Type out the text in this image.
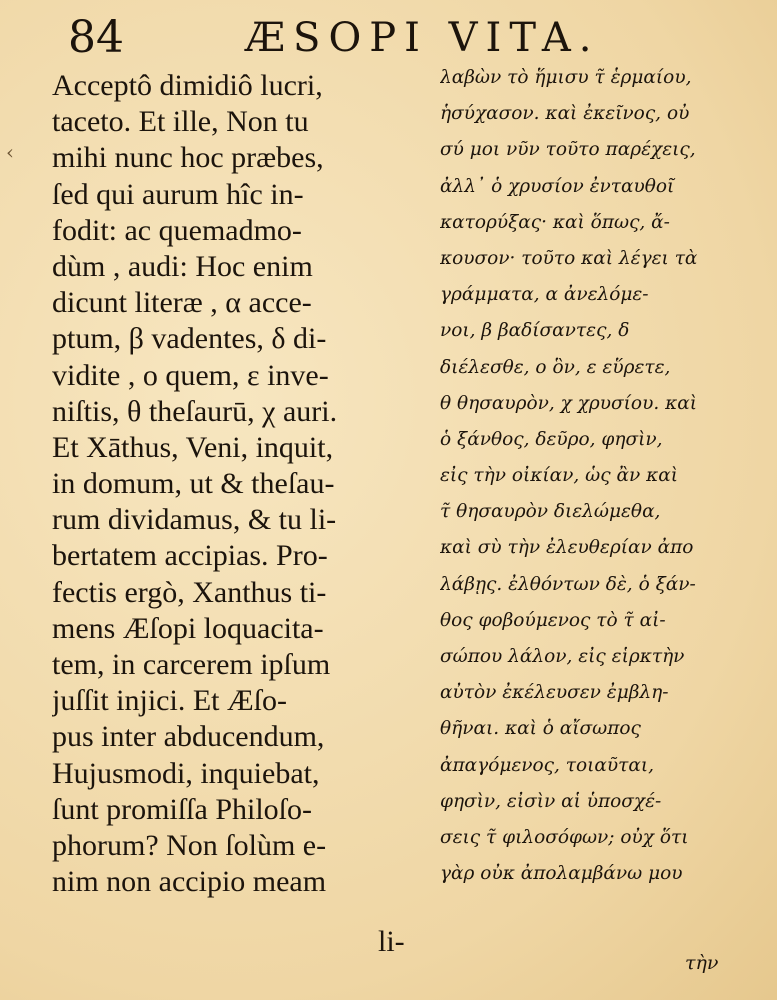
84	ÆSOPI VITA.
‹
Acceptô dimidiô lucri,
taceto. Et ille, Non tu
mihi nunc hoc præbes,
ſed qui aurum hîc in-
fodit: ac quemadmo-
dùm , audi: Hoc enim
dicunt literæ , α acce-
ptum, β vadentes, δ di-
vidite , ο quem, ε inve-
niſtis, θ theſaurū, χ auri.
Et Xāthus, Veni, inquit,
in domum, ut & theſau-
rum dividamus, & tu li-
bertatem accipias. Pro-
fectis ergò, Xanthus ti-
mens Æſopi loquacita-
tem, in carcerem ipſum
juſſit injici. Et Æſo-
pus inter abducendum,
Hujusmodi, inquiebat,
ſunt promiſſa Philoſo-
phorum? Non ſolùm e-
nim non accipio meam
λαβὼν τὸ ἥμισυ τ̃ ἑρμαίου,
ἡσύχασον. καὶ ἐκεῖνος, οὐ
σύ μοι νῦν τοῦτο παρέχεις,
ἀλλ᾽ ὁ χρυσίον ἐνταυθοῖ
κατορύξας· καὶ ὅπως, ἄ-
κουσον· τοῦτο καὶ λέγει τὰ
γράμματα, α ἀνελόμε-
νοι, β βαδίσαντες, δ
διέλεσθε, ο ὃν, ε εὕρετε,
θ θησαυρὸν, χ χρυσίου. καὶ
ὁ ξάνθος, δεῦρο, φησὶν,
εἰς τὴν οἰκίαν, ὡς ἂν καὶ
τ̃ θησαυρὸν διελώμεθα,
καὶ σὺ τὴν ἐλευθερίαν ἀπο
λάβῃς. ἐλθόντων δὲ, ὁ ξάν-
θος φοβούμενος τὸ τ̃ αἰ-
σώπου λάλον, εἰς εἱρκτὴν
αὐτὸν ἐκέλευσεν ἐμβλη-
θῆναι. καὶ ὁ αἴσωπος
ἀπαγόμενος, τοιαῦται,
φησὶν, εἰσὶν αἱ ὑποσχέ-
σεις τ̃ φιλοσόφων; οὐχ ὅτι
γὰρ οὐκ ἀπολαμβάνω μου
li-
τὴν
